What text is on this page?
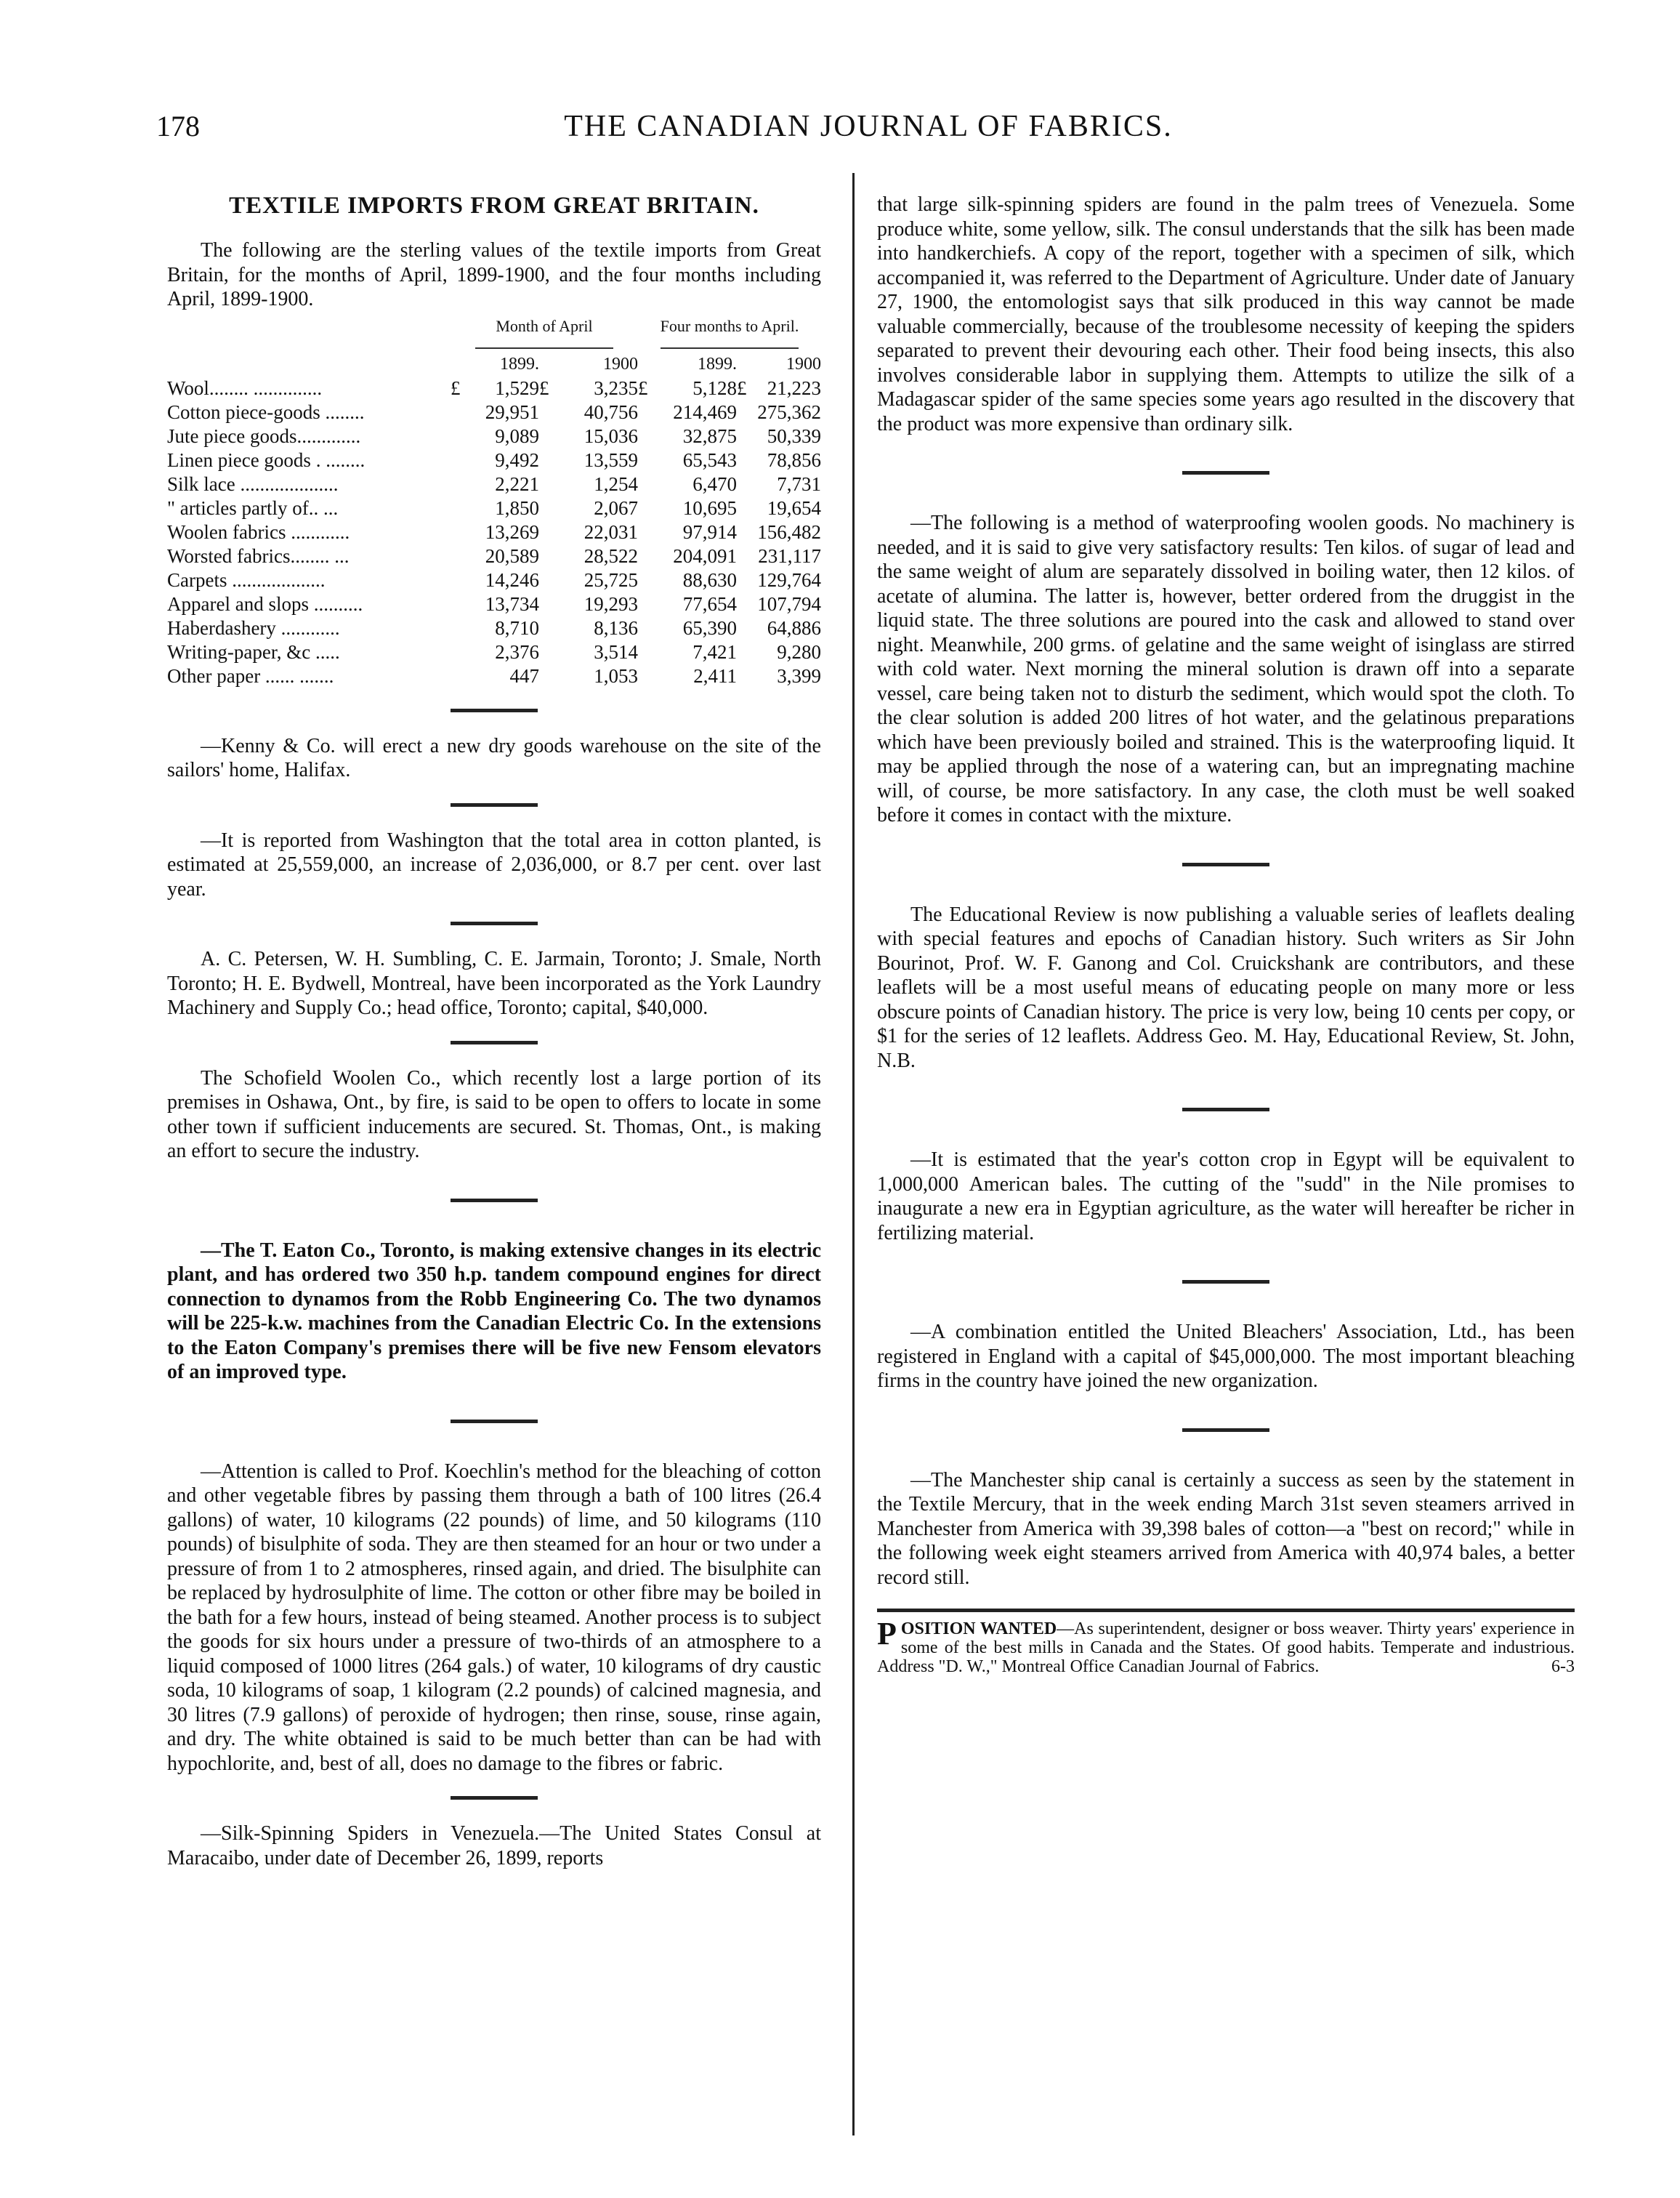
178	THE CANADIAN JOURNAL OF FABRICS.
TEXTILE IMPORTS FROM GREAT BRITAIN.

The following are the sterling values of the textile imports from Great Britain, for the months of April, 1899-1900, and the four months including April, 1899-1900.

	Month of April				Four months to April.			

		1899.		1900		1899.		1900
Wool........ ..............	£	1,529	£	3,235	£	5,128	£	21,223
Cotton piece-goods ........		29,951		40,756		214,469		275,362
Jute piece goods.............		9,089		15,036		32,875		50,339
Linen piece goods . ........		9,492		13,559		65,543		78,856
Silk lace ....................		2,221		1,254		6,470		7,731
" articles partly of.. ...		1,850		2,067		10,695		19,654
Woolen fabrics ............		13,269		22,031		97,914		156,482
Worsted fabrics........ ...		20,589		28,522		204,091		231,117
Carpets ...................		14,246		25,725		88,630		129,764
Apparel and slops ..........		13,734		19,293		77,654		107,794
Haberdashery ............		8,710		8,136		65,390		64,886
Writing-paper, &c .....		2,376		3,514		7,421		9,280
Other paper ...... .......		447		1,053		2,411		3,399

—Kenny & Co. will erect a new dry goods warehouse on the site of the sailors' home, Halifax.

—It is reported from Washington that the total area in cotton planted, is estimated at 25,559,000, an increase of 2,036,000, or 8.7 per cent. over last year.

A. C. Petersen, W. H. Sumbling, C. E. Jarmain, Toronto; J. Smale, North Toronto; H. E. Bydwell, Montreal, have been incorporated as the York Laundry Machinery and Supply Co.; head office, Toronto; capital, $40,000.

The Schofield Woolen Co., which recently lost a large portion of its premises in Oshawa, Ont., by fire, is said to be open to offers to locate in some other town if sufficient inducements are secured. St. Thomas, Ont., is making an effort to secure the industry.

—The T. Eaton Co., Toronto, is making extensive changes in its electric plant, and has ordered two 350 h.p. tandem compound engines for direct connection to dynamos from the Robb Engineering Co. The two dynamos will be 225-k.w. machines from the Canadian Electric Co. In the extensions to the Eaton Company's premises there will be five new Fensom elevators of an improved type.

—Attention is called to Prof. Koechlin's method for the bleaching of cotton and other vegetable fibres by passing them through a bath of 100 litres (26.4 gallons) of water, 10 kilograms (22 pounds) of lime, and 50 kilograms (110 pounds) of bisulphite of soda. They are then steamed for an hour or two under a pressure of from 1 to 2 atmospheres, rinsed again, and dried. The bisulphite can be replaced by hydrosulphite of lime. The cotton or other fibre may be boiled in the bath for a few hours, instead of being steamed. Another process is to subject the goods for six hours under a pressure of two-thirds of an atmosphere to a liquid composed of 1000 litres (264 gals.) of water, 10 kilograms of dry caustic soda, 10 kilograms of soap, 1 kilogram (2.2 pounds) of calcined magnesia, and 30 litres (7.9 gallons) of peroxide of hydrogen; then rinse, souse, rinse again, and dry. The white obtained is said to be much better than can be had with hypochlorite, and, best of all, does no damage to the fibres or fabric.

—Silk-Spinning Spiders in Venezuela.—The United States Consul at Maracaibo, under date of December 26, 1899, reports

that large silk-spinning spiders are found in the palm trees of Venezuela. Some produce white, some yellow, silk. The consul understands that the silk has been made into handkerchiefs. A copy of the report, together with a specimen of silk, which accompanied it, was referred to the Department of Agriculture. Under date of January 27, 1900, the entomologist says that silk produced in this way cannot be made valuable commercially, because of the troublesome necessity of keeping the spiders separated to prevent their devouring each other. Their food being insects, this also involves considerable labor in supplying them. Attempts to utilize the silk of a Madagascar spider of the same species some years ago resulted in the discovery that the product was more expensive than ordinary silk.

—The following is a method of waterproofing woolen goods. No machinery is needed, and it is said to give very satisfactory results: Ten kilos. of sugar of lead and the same weight of alum are separately dissolved in boiling water, then 12 kilos. of acetate of alumina. The latter is, however, better ordered from the druggist in the liquid state. The three solutions are poured into the cask and allowed to stand over night. Meanwhile, 200 grms. of gelatine and the same weight of isinglass are stirred with cold water. Next morning the mineral solution is drawn off into a separate vessel, care being taken not to disturb the sediment, which would spot the cloth. To the clear solution is added 200 litres of hot water, and the gelatinous preparations which have been previously boiled and strained. This is the waterproofing liquid. It may be applied through the nose of a watering can, but an impregnating machine will, of course, be more satisfactory. In any case, the cloth must be well soaked before it comes in contact with the mixture.

The Educational Review is now publishing a valuable series of leaflets dealing with special features and epochs of Canadian history. Such writers as Sir John Bourinot, Prof. W. F. Ganong and Col. Cruickshank are contributors, and these leaflets will be a most useful means of educating people on many more or less obscure points of Canadian history. The price is very low, being 10 cents per copy, or $1 for the series of 12 leaflets. Address Geo. M. Hay, Educational Review, St. John, N.B.

—It is estimated that the year's cotton crop in Egypt will be equivalent to 1,000,000 American bales. The cutting of the "sudd" in the Nile promises to inaugurate a new era in Egyptian agriculture, as the water will hereafter be richer in fertilizing material.

—A combination entitled the United Bleachers' Association, Ltd., has been registered in England with a capital of $45,000,000. The most important bleaching firms in the country have joined the new organization.

—The Manchester ship canal is certainly a success as seen by the statement in the Textile Mercury, that in the week ending March 31st seven steamers arrived in Manchester from America with 39,398 bales of cotton—a "best on record;" while in the following week eight steamers arrived from America with 40,974 bales, a better record still.

POSITION WANTED—As superintendent, designer or boss weaver. Thirty years' experience in some of the best mills in Canada and the States. Of good habits. Temperate and industrious. Address "D. W.," Montreal Office Canadian Journal of Fabrics.	6-3
